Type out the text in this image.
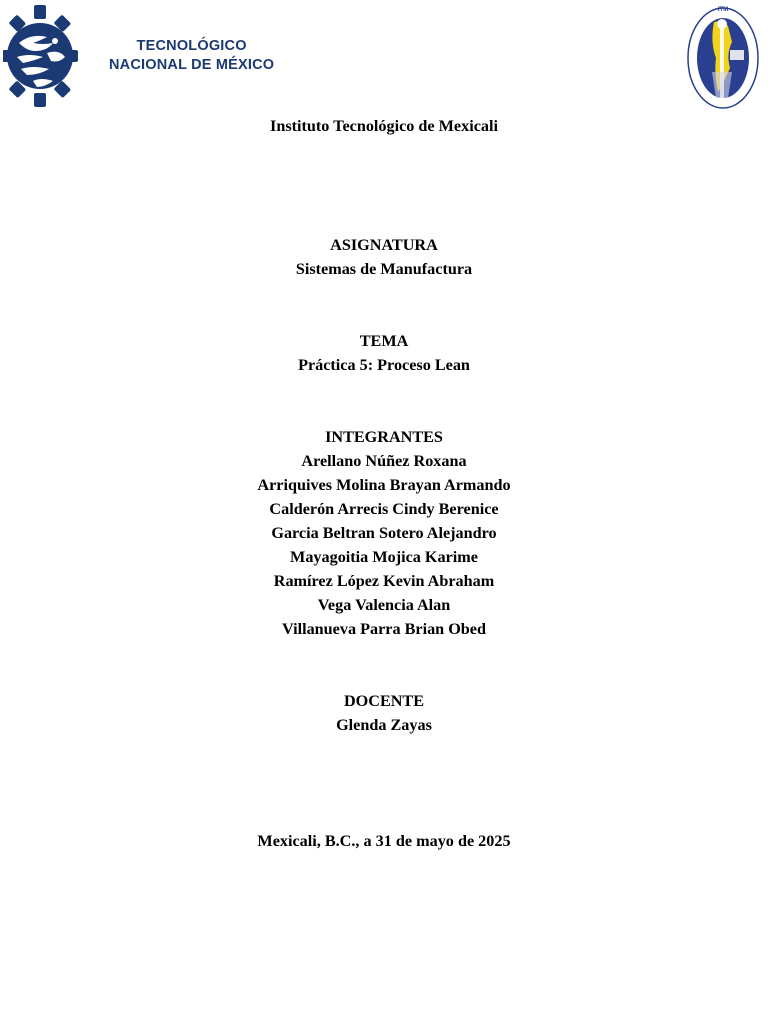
TECNOLÓGICO
NACIONAL DE MÉXICO
ITM
Instituto Tecnológico de Mexicali
ASIGNATURA
Sistemas de Manufactura
TEMA
Práctica 5: Proceso Lean
INTEGRANTES
Arellano Núñez Roxana
Arriquives Molina Brayan Armando
Calderón Arrecis Cindy Berenice
Garcia Beltran Sotero Alejandro
Mayagoitia Mojica Karime
Ramírez López Kevin Abraham
Vega Valencia Alan
Villanueva Parra Brian Obed
DOCENTE
Glenda Zayas
Mexicali, B.C., a 31 de mayo de 2025
